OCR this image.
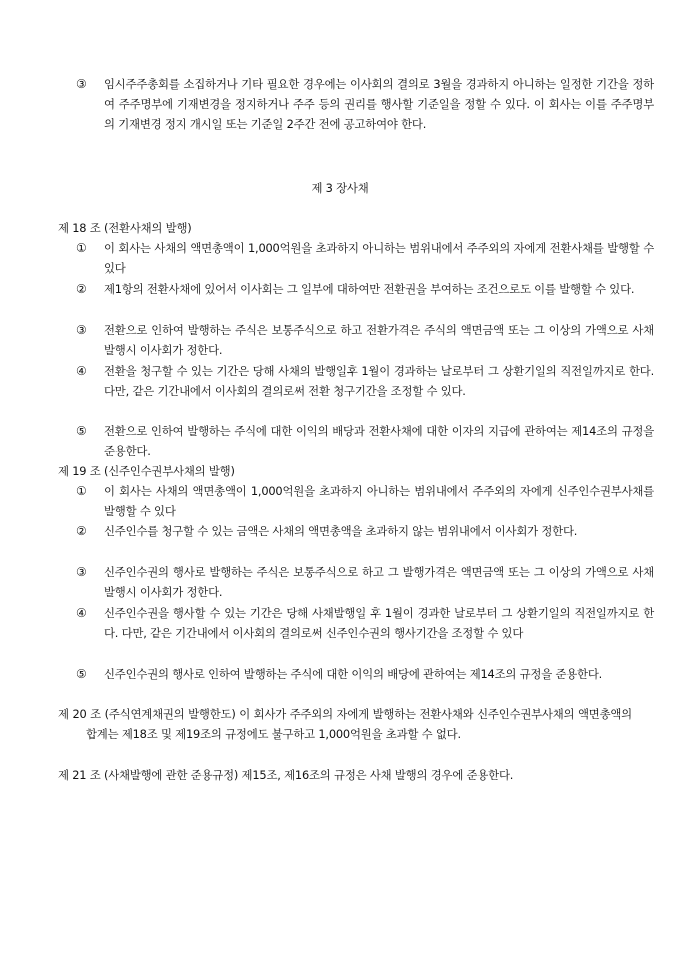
③ 임시주주총회를 소집하거나 기타 필요한 경우에는 이사회의 결의로 3월을 경과하지 아니하는 일정한 기간을 정하여 주주명부에 기재변경을 정지하거나 주주 등의 권리를 행사할 기준일을 정할 수 있다. 이 회사는 이를 주주명부의 기재변경 정지 개시일 또는 기준일 2주간 전에 공고하여야 한다.
제 3 장사채
제 18 조 (전환사채의 발행)
① 이 회사는 사채의 액면총액이 1,000억원을 초과하지 아니하는 범위내에서 주주외의 자에게 전환사채를 발행할 수 있다
② 제1항의 전환사채에 있어서 이사회는 그 일부에 대하여만 전환권을 부여하는 조건으로도 이를 발행할 수 있다.
③ 전환으로 인하여 발행하는 주식은 보통주식으로 하고 전환가격은 주식의 액면금액 또는 그 이상의 가액으로 사채발행시 이사회가 정한다.
④ 전환을 청구할 수 있는 기간은 당해 사채의 발행일후 1월이 경과하는 날로부터 그 상환기일의 직전일까지로 한다. 다만, 같은 기간내에서 이사회의 결의로써 전환 청구기간을 조정할 수 있다.
⑤ 전환으로 인하여 발행하는 주식에 대한 이익의 배당과 전환사채에 대한 이자의 지급에 관하여는 제14조의 규정을 준용한다.
제 19 조 (신주인수권부사채의 발행)
① 이 회사는 사채의 액면총액이 1,000억원을 초과하지 아니하는 범위내에서 주주외의 자에게 신주인수권부사채를 발행할 수 있다
② 신주인수를 청구할 수 있는 금액은 사채의 액면총액을 초과하지 않는 범위내에서 이사회가 정한다.
③ 신주인수권의 행사로 발행하는 주식은 보통주식으로 하고 그 발행가격은 액면금액 또는 그 이상의 가액으로 사채발행시 이사회가 정한다.
④ 신주인수권을 행사할 수 있는 기간은 당해 사채발행일 후 1월이 경과한 날로부터 그 상환기일의 직전일까지로 한다. 다만, 같은 기간내에서 이사회의 결의로써 신주인수권의 행사기간을 조정할 수 있다
⑤ 신주인수권의 행사로 인하여 발행하는 주식에 대한 이익의 배당에 관하여는 제14조의 규정을 준용한다.
제 20 조 (주식연계채권의 발행한도) 이 회사가 주주외의 자에게 발행하는 전환사채와 신주인수권부사채의 액면총액의 합계는 제18조 및 제19조의 규정에도 불구하고 1,000억원을 초과할 수 없다.
제 21 조 (사채발행에 관한 준용규정) 제15조, 제16조의 규정은 사채 발행의 경우에 준용한다.
